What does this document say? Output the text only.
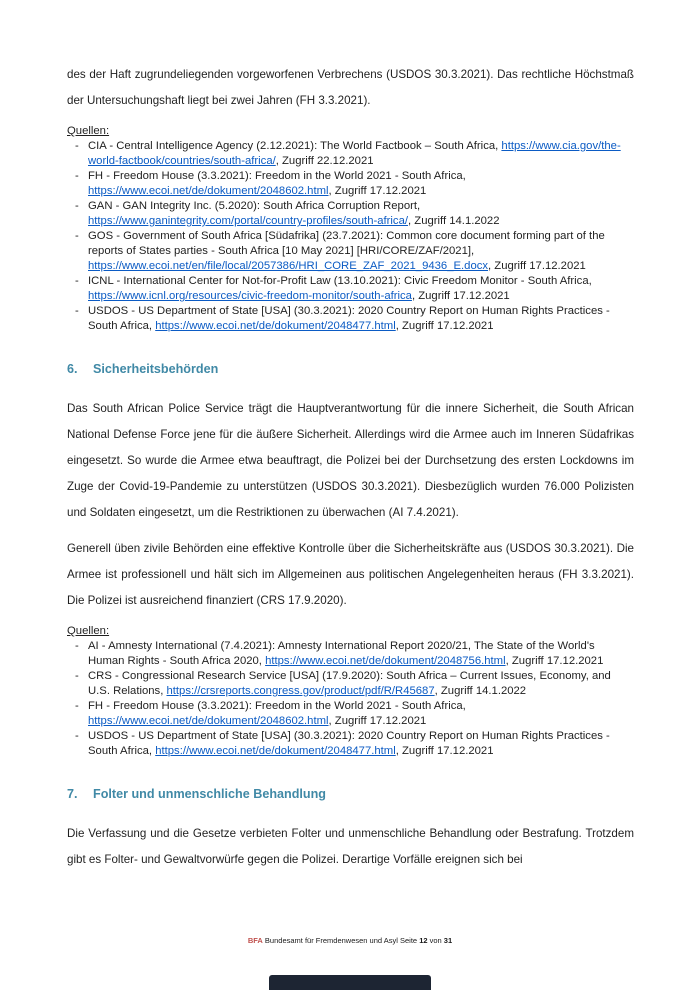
des der Haft zugrundeliegenden vorgeworfenen Verbrechens (USDOS 30.3.2021). Das rechtliche Höchstmaß der Untersuchungshaft liegt bei zwei Jahren (FH 3.3.2021).

Quellen:
- CIA - Central Intelligence Agency (2.12.2021): The World Factbook – South Africa, https://www.cia.gov/the-world-factbook/countries/south-africa/, Zugriff 22.12.2021
- FH - Freedom House (3.3.2021): Freedom in the World 2021 - South Africa, https://www.ecoi.net/de/dokument/2048602.html, Zugriff 17.12.2021
- GAN - GAN Integrity Inc. (5.2020): South Africa Corruption Report, https://www.ganintegrity.com/portal/country-profiles/south-africa/, Zugriff 14.1.2022
- GOS - Government of South Africa [Südafrika] (23.7.2021): Common core document forming part of the reports of States parties - South Africa [10 May 2021] [HRI/CORE/ZAF/2021], https://www.ecoi.net/en/file/local/2057386/HRI_CORE_ZAF_2021_9436_E.docx, Zugriff 17.12.2021
- ICNL - International Center for Not-for-Profit Law (13.10.2021): Civic Freedom Monitor - South Africa, https://www.icnl.org/resources/civic-freedom-monitor/south-africa, Zugriff 17.12.2021
- USDOS - US Department of State [USA] (30.3.2021): 2020 Country Report on Human Rights Practices - South Africa, https://www.ecoi.net/de/dokument/2048477.html, Zugriff 17.12.2021
6. Sicherheitsbehörden

Das South African Police Service trägt die Hauptverantwortung für die innere Sicherheit, die South African National Defense Force jene für die äußere Sicherheit. Allerdings wird die Armee auch im Inneren Südafrikas eingesetzt. So wurde die Armee etwa beauftragt, die Polizei bei der Durchsetzung des ersten Lockdowns im Zuge der Covid-19-Pandemie zu unterstützen (USDOS 30.3.2021). Diesbezüglich wurden 76.000 Polizisten und Soldaten eingesetzt, um die Restriktionen zu überwachen (AI 7.4.2021).

Generell üben zivile Behörden eine effektive Kontrolle über die Sicherheitskräfte aus (USDOS 30.3.2021). Die Armee ist professionell und hält sich im Allgemeinen aus politischen Angelegenheiten heraus (FH 3.3.2021). Die Polizei ist ausreichend finanziert (CRS 17.9.2020).

Quellen:
- AI - Amnesty International (7.4.2021): Amnesty International Report 2020/21, The State of the World's Human Rights - South Africa 2020, https://www.ecoi.net/de/dokument/2048756.html, Zugriff 17.12.2021
- CRS - Congressional Research Service [USA] (17.9.2020): South Africa – Current Issues, Economy, and U.S. Relations, https://crsreports.congress.gov/product/pdf/R/R45687, Zugriff 14.1.2022
- FH - Freedom House (3.3.2021): Freedom in the World 2021 - South Africa, https://www.ecoi.net/de/dokument/2048602.html, Zugriff 17.12.2021
- USDOS - US Department of State [USA] (30.3.2021): 2020 Country Report on Human Rights Practices - South Africa, https://www.ecoi.net/de/dokument/2048477.html, Zugriff 17.12.2021
7. Folter und unmenschliche Behandlung

Die Verfassung und die Gesetze verbieten Folter und unmenschliche Behandlung oder Bestrafung. Trotzdem gibt es Folter- und Gewaltvorwürfe gegen die Polizei. Derartige Vorfälle ereignen sich bei

BFA Bundesamt für Fremdenwesen und Asyl Seite 12 von 31
